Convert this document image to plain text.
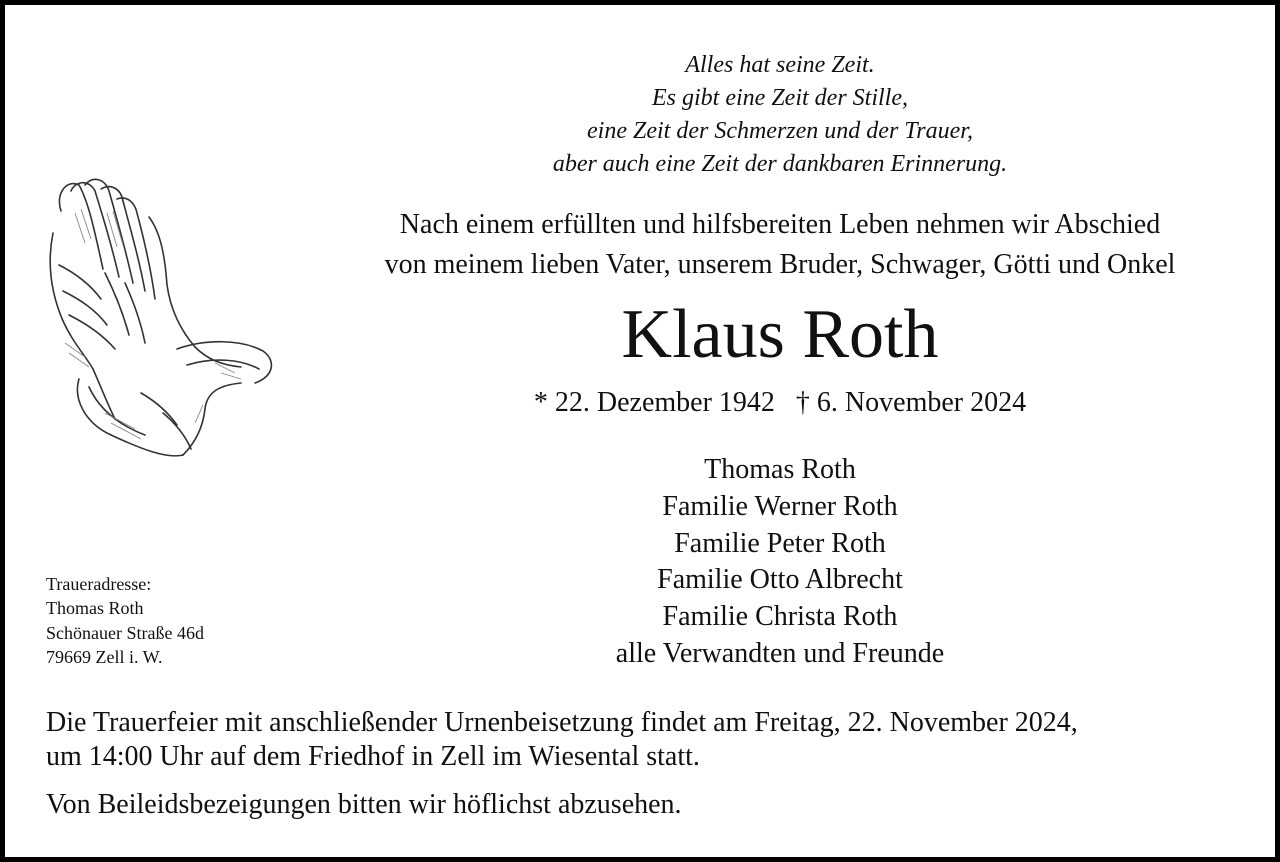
Alles hat seine Zeit.
Es gibt eine Zeit der Stille,
eine Zeit der Schmerzen und der Trauer,
aber auch eine Zeit der dankbaren Erinnerung.
Nach einem erfüllten und hilfsbereiten Leben nehmen wir Abschied
von meinem lieben Vater, unserem Bruder, Schwager, Götti und Onkel
Klaus Roth
* 22. Dezember 1942   † 6. November 2024
Thomas Roth
Familie Werner Roth
Familie Peter Roth
Familie Otto Albrecht
Familie Christa Roth
alle Verwandten und Freunde
Traueradresse:
Thomas Roth
Schönauer Straße 46d
79669 Zell i. W.
Die Trauerfeier mit anschließender Urnenbeisetzung findet am Freitag, 22. November 2024,
um 14:00 Uhr auf dem Friedhof in Zell im Wiesental statt.
Von Beileidsbezeigungen bitten wir höflichst abzusehen.
